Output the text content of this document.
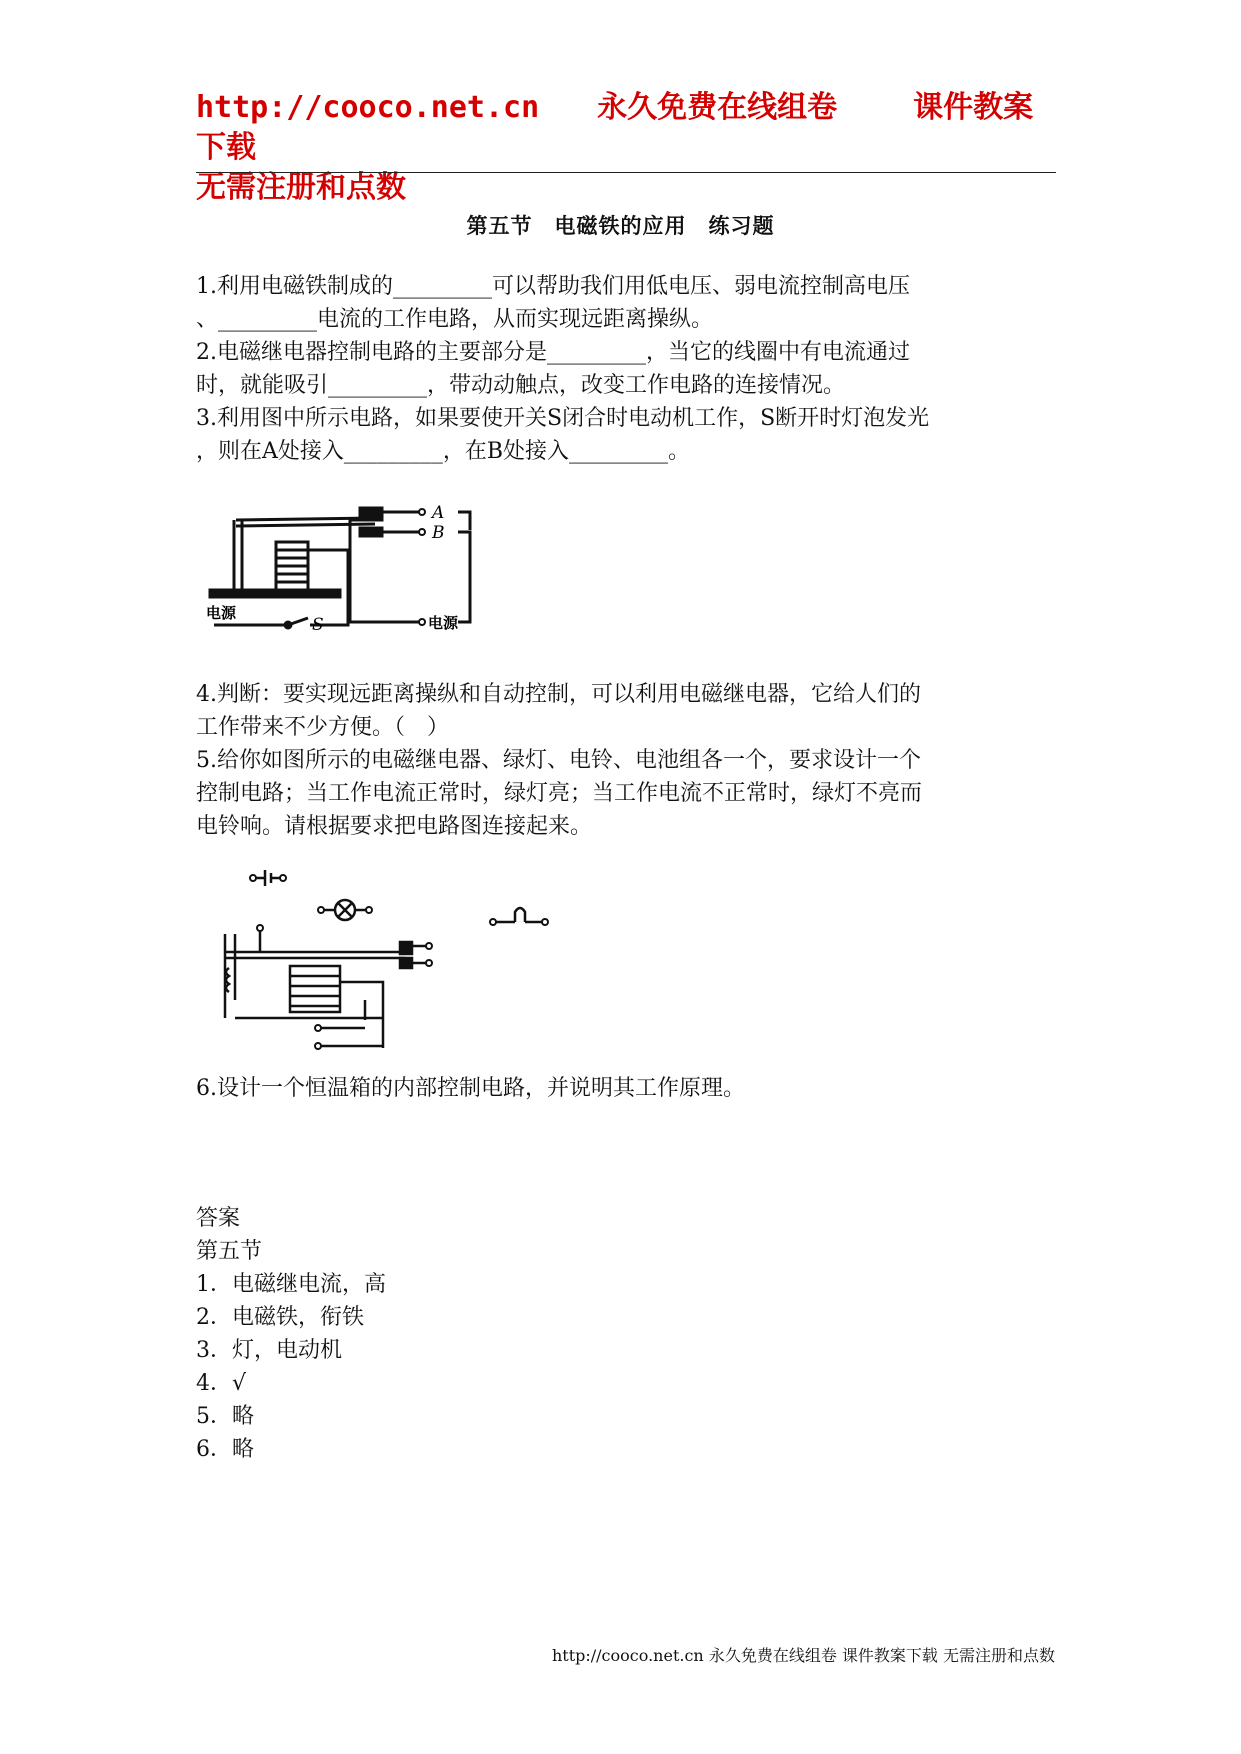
http://cooco.net.cn 永久免费在线组卷	课件教案下载
无需注册和点数
第五节　电磁铁的应用　练习题
1.利用电磁铁制成的_________可以帮助我们用低电压、弱电流控制高电压
、_________电流的工作电路，从而实现远距离操纵。
2.电磁继电器控制电路的主要部分是_________，当它的线圈中有电流通过
时，就能吸引_________，带动动触点，改变工作电路的连接情况。
3.利用图中所示电路，如果要使开关S闭合时电动机工作，S断开时灯泡发光
，则在A处接入_________，在B处接入_________。
A
B
S
电源
电源
4.判断：要实现远距离操纵和自动控制，可以利用电磁继电器，它给人们的
工作带来不少方便。（　）
5.给你如图所示的电磁继电器、绿灯、电铃、电池组各一个，要求设计一个
控制电路；当工作电流正常时，绿灯亮；当工作电流不正常时，绿灯不亮而
电铃响。请根据要求把电路图连接起来。
6.设计一个恒温箱的内部控制电路，并说明其工作原理。
答案
第五节
1．电磁继电流，高
2．电磁铁，衔铁
3．灯，电动机
4．√
5．略
6．略
http://cooco.net.cn 永久免费在线组卷 课件教案下载 无需注册和点数
